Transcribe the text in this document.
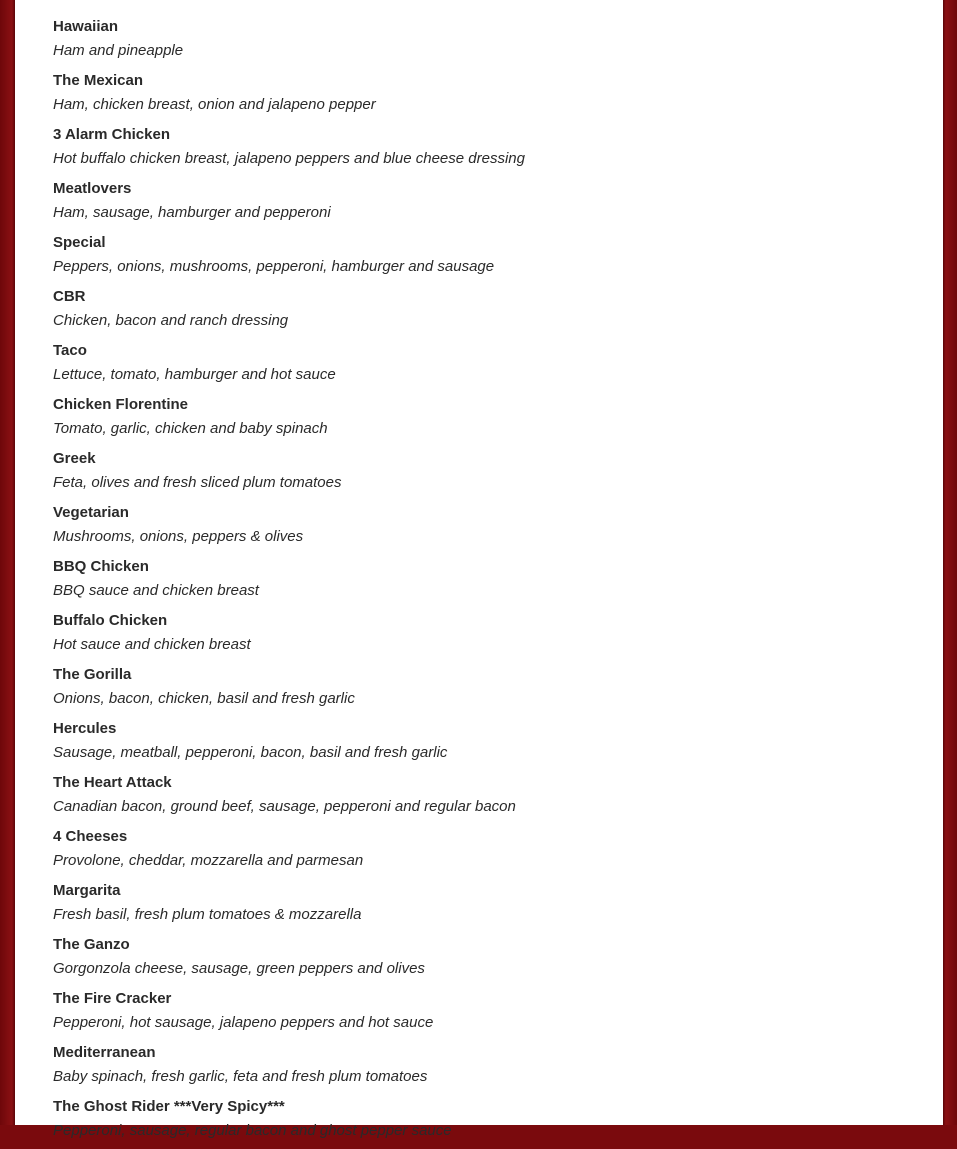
Hawaiian
Ham and pineapple
The Mexican
Ham, chicken breast, onion and jalapeno pepper
3 Alarm Chicken
Hot buffalo chicken breast, jalapeno peppers and blue cheese dressing
Meatlovers
Ham, sausage, hamburger and pepperoni
Special
Peppers, onions, mushrooms, pepperoni, hamburger and sausage
CBR
Chicken, bacon and ranch dressing
Taco
Lettuce, tomato, hamburger and hot sauce
Chicken Florentine
Tomato, garlic, chicken and baby spinach
Greek
Feta, olives and fresh sliced plum tomatoes
Vegetarian
Mushrooms, onions, peppers & olives
BBQ Chicken
BBQ sauce and chicken breast
Buffalo Chicken
Hot sauce and chicken breast
The Gorilla
Onions, bacon, chicken, basil and fresh garlic
Hercules
Sausage, meatball, pepperoni, bacon, basil and fresh garlic
The Heart Attack
Canadian bacon, ground beef, sausage, pepperoni and regular bacon
4 Cheeses
Provolone, cheddar, mozzarella and parmesan
Margarita
Fresh basil, fresh plum tomatoes & mozzarella
The Ganzo
Gorgonzola cheese, sausage, green peppers and olives
The Fire Cracker
Pepperoni, hot sausage, jalapeno peppers and hot sauce
Mediterranean
Baby spinach, fresh garlic, feta and fresh plum tomatoes
The Ghost Rider ***Very Spicy***
Pepperoni, sausage, regular bacon and ghost pepper sauce
